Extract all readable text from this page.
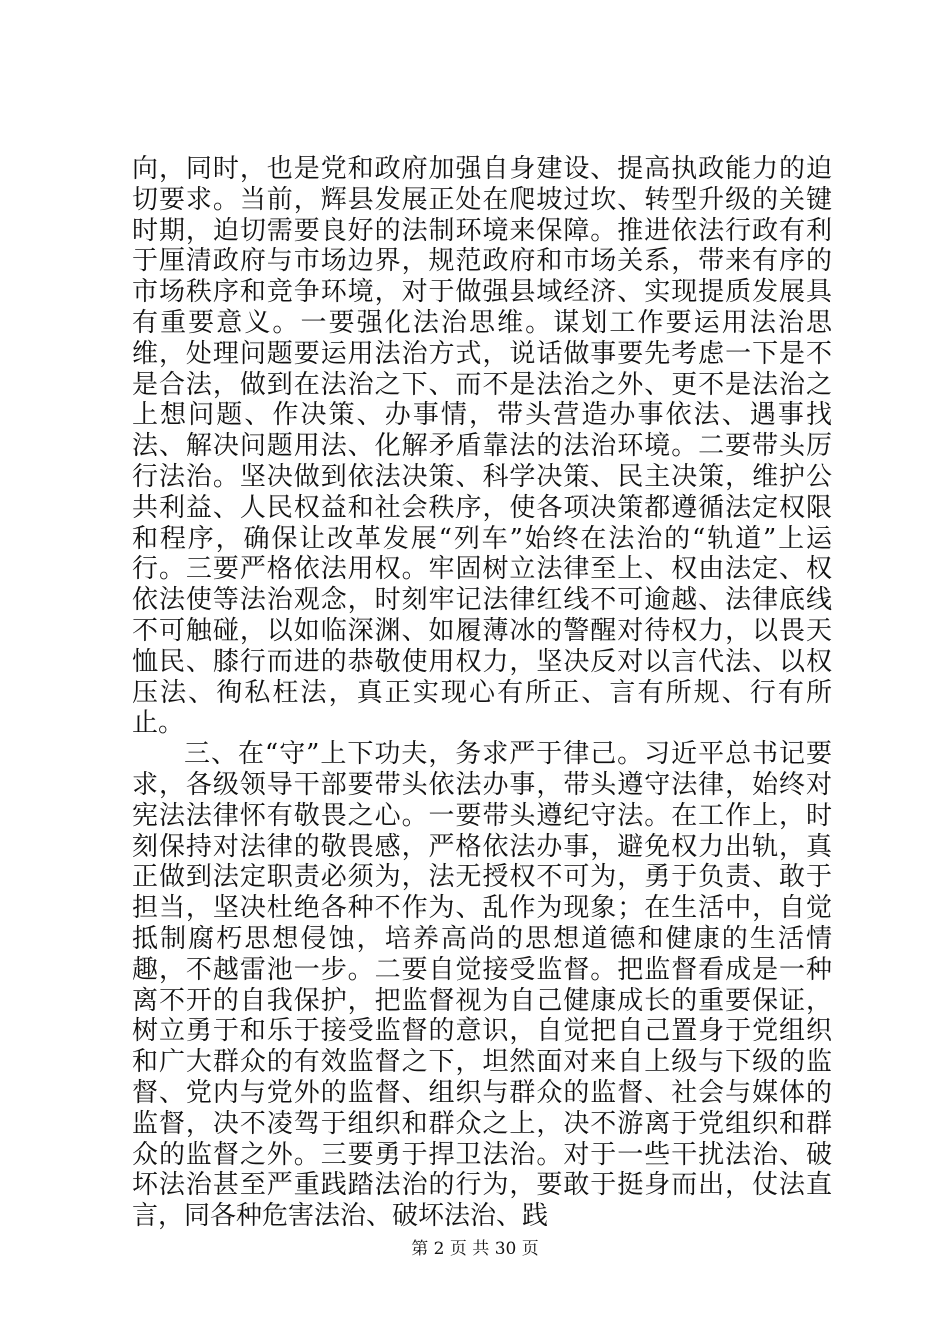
向，同时，也是党和政府加强自身建设、提高执政能力的迫切要求。当前，辉县发展正处在爬坡过坎、转型升级的关键时期，迫切需要良好的法制环境来保障。推进依法行政有利于厘清政府与市场边界，规范政府和市场关系，带来有序的市场秩序和竞争环境，对于做强县域经济、实现提质发展具有重要意义。一要强化法治思维。谋划工作要运用法治思维，处理问题要运用法治方式，说话做事要先考虑一下是不是合法，做到在法治之下、而不是法治之外、更不是法治之上想问题、作决策、办事情，带头营造办事依法、遇事找法、解决问题用法、化解矛盾靠法的法治环境。二要带头厉行法治。坚决做到依法决策、科学决策、民主决策，维护公共利益、人民权益和社会秩序，使各项决策都遵循法定权限和程序，确保让改革发展“列车”始终在法治的“轨道”上运行。三要严格依法用权。牢固树立法律至上、权由法定、权依法使等法治观念，时刻牢记法律红线不可逾越、法律底线不可触碰，以如临深渊、如履薄冰的警醒对待权力，以畏天恤民、膝行而进的恭敬使用权力，坚决反对以言代法、以权压法、徇私枉法，真正实现心有所正、言有所规、行有所止。

三、在“守”上下功夫，务求严于律己。习近平总书记要求，各级领导干部要带头依法办事，带头遵守法律，始终对宪法法律怀有敬畏之心。一要带头遵纪守法。在工作上，时刻保持对法律的敬畏感，严格依法办事，避免权力出轨，真正做到法定职责必须为，法无授权不可为，勇于负责、敢于担当，坚决杜绝各种不作为、乱作为现象；在生活中，自觉抵制腐朽思想侵蚀，培养高尚的思想道德和健康的生活情趣，不越雷池一步。二要自觉接受监督。把监督看成是一种离不开的自我保护，把监督视为自己健康成长的重要保证，树立勇于和乐于接受监督的意识，自觉把自己置身于党组织和广大群众的有效监督之下，坦然面对来自上级与下级的监督、党内与党外的监督、组织与群众的监督、社会与媒体的监督，决不凌驾于组织和群众之上，决不游离于党组织和群众的监督之外。三要勇于捍卫法治。对于一些干扰法治、破坏法治甚至严重践踏法治的行为，要敢于挺身而出，仗法直言，同各种危害法治、破坏法治、践

第 2 页 共 30 页
